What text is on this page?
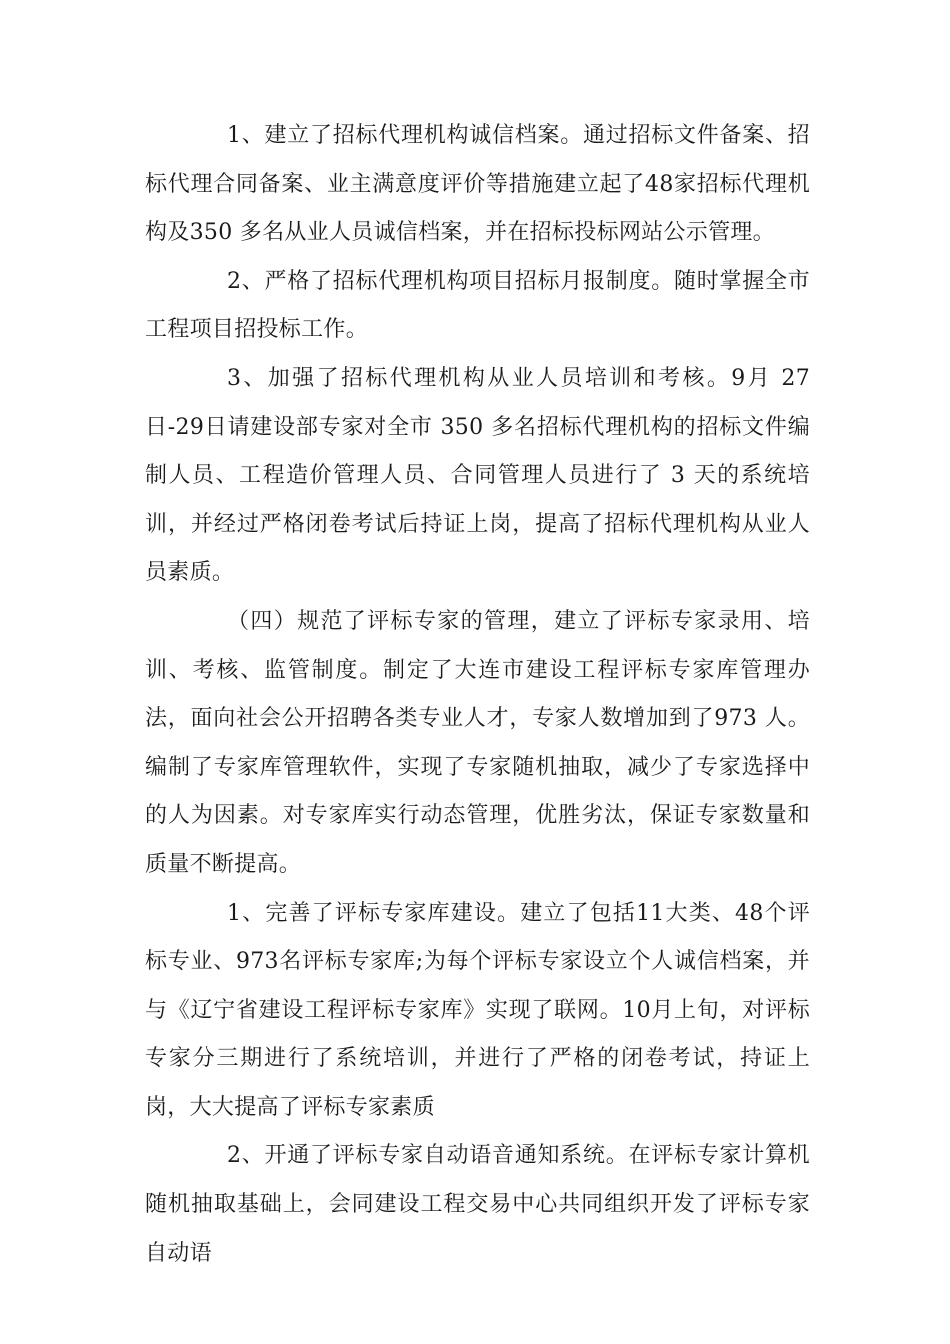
1、建立了招标代理机构诚信档案。通过招标文件备案、招标代理合同备案、业主满意度评价等措施建立起了48家招标代理机构及350 多名从业人员诚信档案，并在招标投标网站公示管理。

2、严格了招标代理机构项目招标月报制度。随时掌握全市工程项目招投标工作。

3、加强了招标代理机构从业人员培训和考核。9月 27 日-29日请建设部专家对全市 350 多名招标代理机构的招标文件编制人员、工程造价管理人员、合同管理人员进行了 3 天的系统培训，并经过严格闭卷考试后持证上岗，提高了招标代理机构从业人员素质。

（四）规范了评标专家的管理，建立了评标专家录用、培训、考核、监管制度。制定了大连市建设工程评标专家库管理办法，面向社会公开招聘各类专业人才，专家人数增加到了973 人。编制了专家库管理软件，实现了专家随机抽取，减少了专家选择中的人为因素。对专家库实行动态管理，优胜劣汰，保证专家数量和质量不断提高。

1、完善了评标专家库建设。建立了包括11大类、48个评标专业、973名评标专家库;为每个评标专家设立个人诚信档案，并与《辽宁省建设工程评标专家库》实现了联网。10月上旬，对评标专家分三期进行了系统培训，并进行了严格的闭卷考试，持证上岗，大大提高了评标专家素质

2、开通了评标专家自动语音通知系统。在评标专家计算机随机抽取基础上，会同建设工程交易中心共同组织开发了评标专家自动语
